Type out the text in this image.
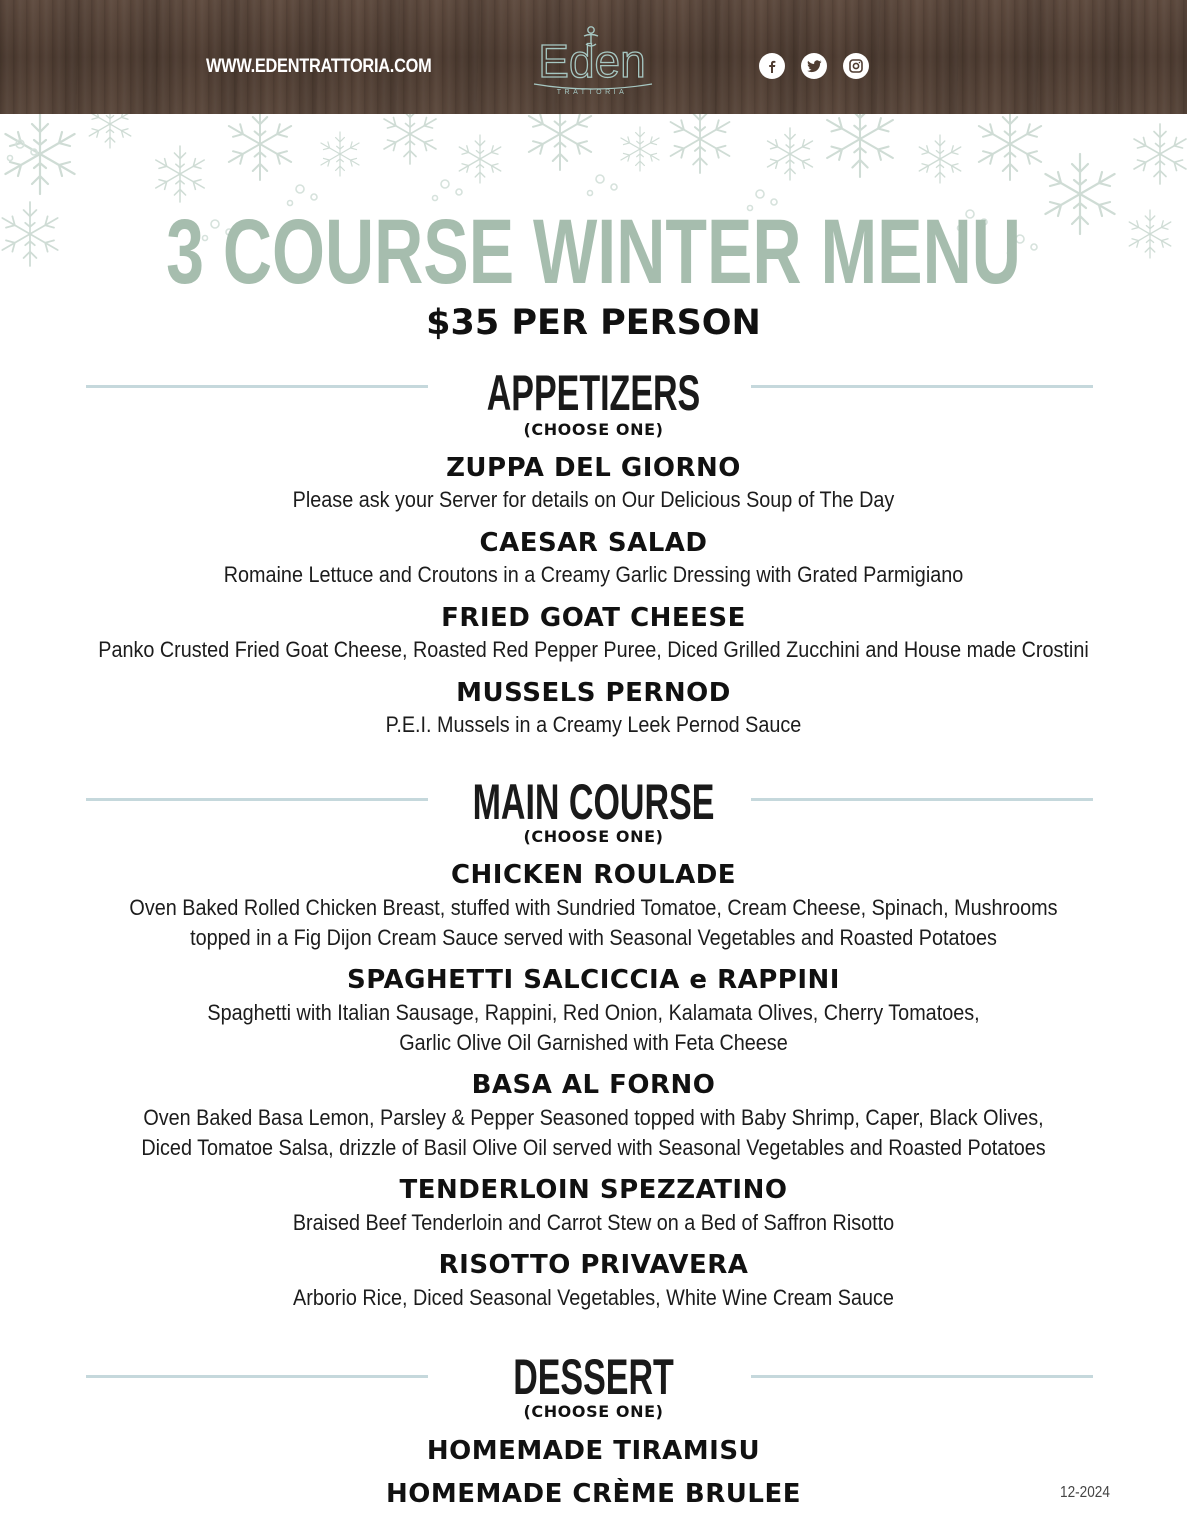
WWW.EDENTRATTORIA.COM Eden
TRATTORIA
3 COURSE WINTER MENU
$35 PER PERSON
APPETIZERS
(CHOOSE ONE)
ZUPPA DEL GIORNO
Please ask your Server for details on Our Delicious Soup of The Day
CAESAR SALAD
Romaine Lettuce and Croutons in a Creamy Garlic Dressing with Grated Parmigiano
FRIED GOAT CHEESE
Panko Crusted Fried Goat Cheese, Roasted Red Pepper Puree, Diced Grilled Zucchini and House made Crostini
MUSSELS PERNOD
P.E.I. Mussels in a Creamy Leek Pernod Sauce
MAIN COURSE
(CHOOSE ONE)
CHICKEN ROULADE
Oven Baked Rolled Chicken Breast, stuffed with Sundried Tomatoe, Cream Cheese, Spinach, Mushrooms
topped in a Fig Dijon Cream Sauce served with Seasonal Vegetables and Roasted Potatoes
SPAGHETTI SALCICCIA e RAPPINI
Spaghetti with Italian Sausage, Rappini, Red Onion, Kalamata Olives, Cherry Tomatoes,
Garlic Olive Oil Garnished with Feta Cheese
BASA AL FORNO
Oven Baked Basa Lemon, Parsley & Pepper Seasoned topped with Baby Shrimp, Caper, Black Olives,
Diced Tomatoe Salsa, drizzle of Basil Olive Oil served with Seasonal Vegetables and Roasted Potatoes
TENDERLOIN SPEZZATINO
Braised Beef Tenderloin and Carrot Stew on a Bed of Saffron Risotto
RISOTTO PRIVAVERA
Arborio Rice, Diced Seasonal Vegetables, White Wine Cream Sauce
DESSERT
(CHOOSE ONE)
HOMEMADE TIRAMISU
HOMEMADE CRÈME BRULEE	12-2024
